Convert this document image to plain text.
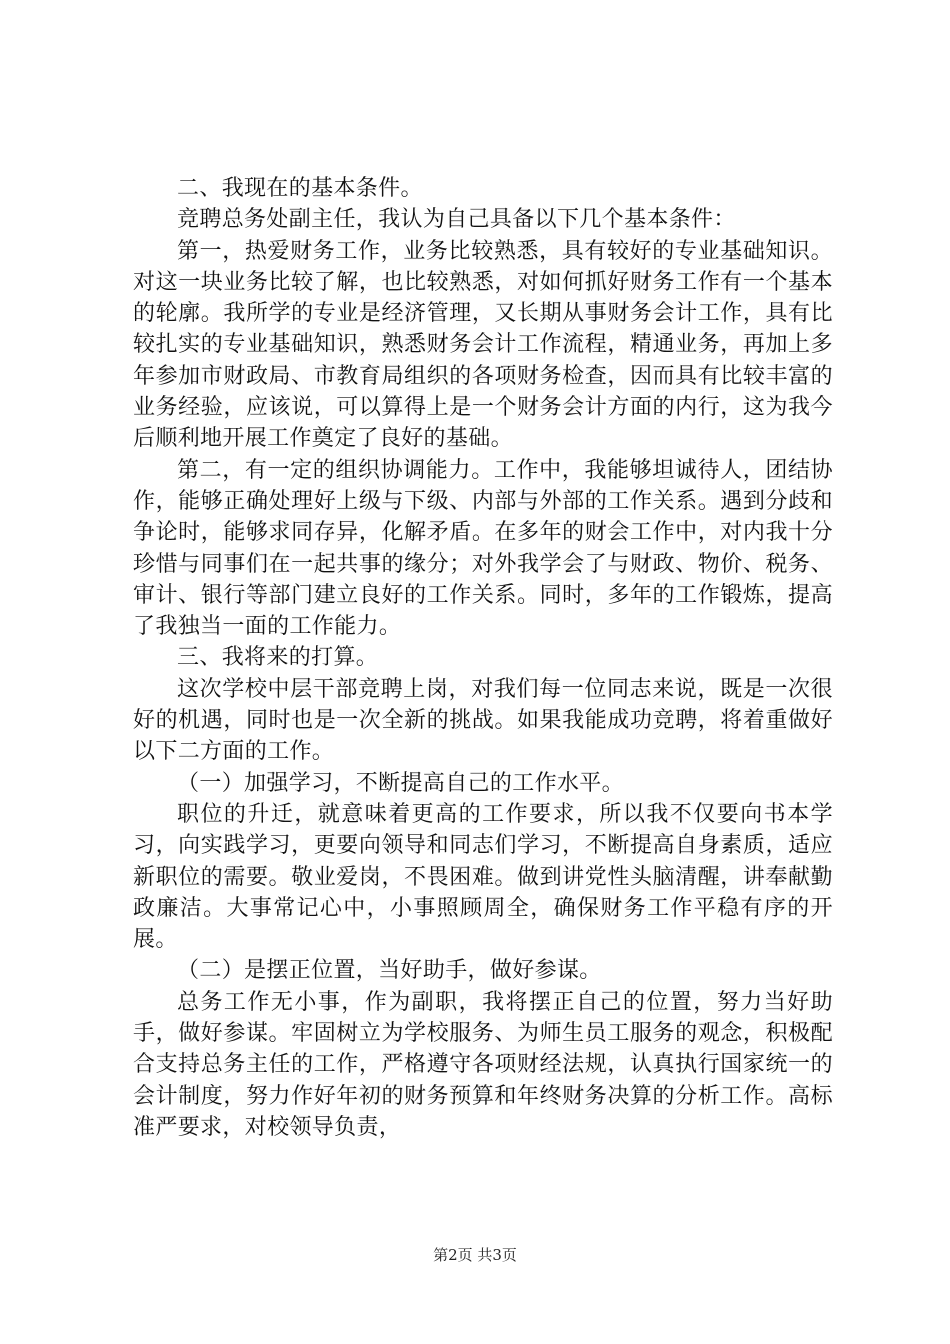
二、我现在的基本条件。

竞聘总务处副主任，我认为自己具备以下几个基本条件：

第一，热爱财务工作，业务比较熟悉，具有较好的专业基础知识。对这一块业务比较了解，也比较熟悉，对如何抓好财务工作有一个基本的轮廓。我所学的专业是经济管理，又长期从事财务会计工作，具有比较扎实的专业基础知识，熟悉财务会计工作流程，精通业务，再加上多年参加市财政局、市教育局组织的各项财务检查，因而具有比较丰富的业务经验，应该说，可以算得上是一个财务会计方面的内行，这为我今后顺利地开展工作奠定了良好的基础。

第二，有一定的组织协调能力。工作中，我能够坦诚待人，团结协作，能够正确处理好上级与下级、内部与外部的工作关系。遇到分歧和争论时，能够求同存异，化解矛盾。在多年的财会工作中，对内我十分珍惜与同事们在一起共事的缘分；对外我学会了与财政、物价、税务、审计、银行等部门建立良好的工作关系。同时，多年的工作锻炼，提高了我独当一面的工作能力。

三、我将来的打算。

这次学校中层干部竞聘上岗，对我们每一位同志来说，既是一次很好的机遇，同时也是一次全新的挑战。如果我能成功竞聘，将着重做好以下二方面的工作。

（一）加强学习，不断提高自己的工作水平。

职位的升迁，就意味着更高的工作要求，所以我不仅要向书本学习，向实践学习，更要向领导和同志们学习，不断提高自身素质，适应新职位的需要。敬业爱岗，不畏困难。做到讲党性头脑清醒，讲奉献勤政廉洁。大事常记心中，小事照顾周全，确保财务工作平稳有序的开展。

（二）是摆正位置，当好助手，做好参谋。

总务工作无小事，作为副职，我将摆正自己的位置，努力当好助手，做好参谋。牢固树立为学校服务、为师生员工服务的观念，积极配合支持总务主任的工作，严格遵守各项财经法规，认真执行国家统一的会计制度，努力作好年初的财务预算和年终财务决算的分析工作。高标准严要求，对校领导负责，

第2页 共3页
